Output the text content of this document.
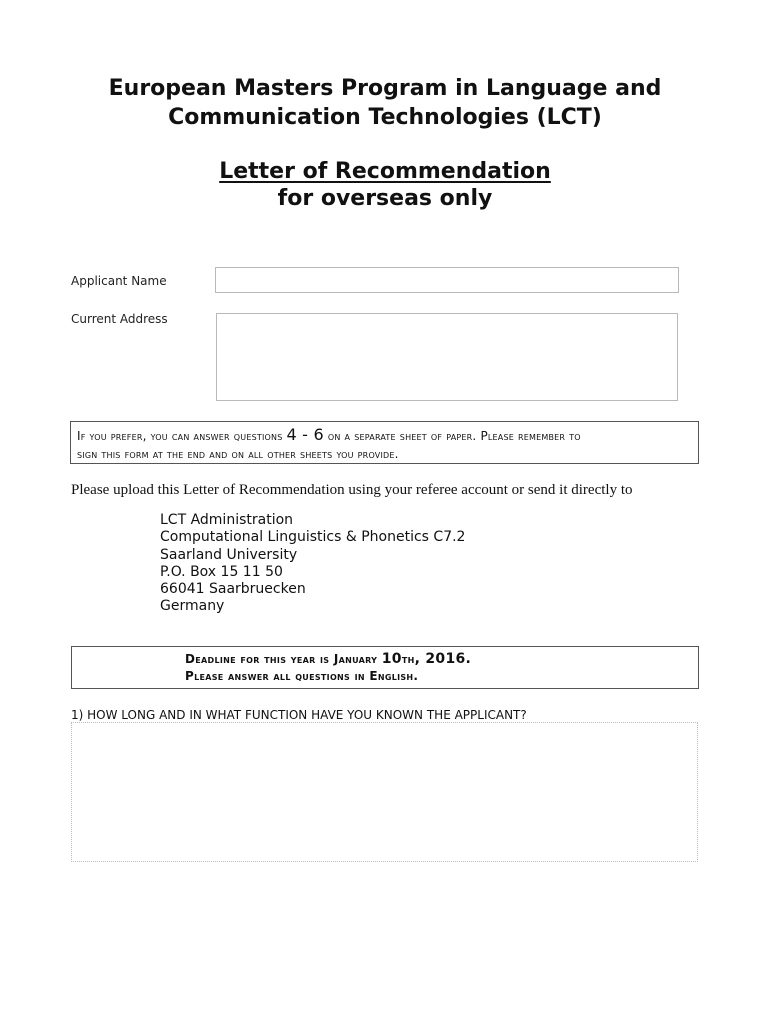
European Masters Program in Language and
Communication Technologies (LCT)
Letter of Recommendation
for overseas only
Applicant Name
Current Address
If you prefer, you can answer questions 4 - 6 on a separate sheet of paper. Please remember to
sign this form at the end and on all other sheets you provide.
Please upload this Letter of Recommendation using your referee account or send it directly to
LCT Administration
Computational Linguistics & Phonetics C7.2
Saarland University
P.O. Box 15 11 50
66041 Saarbruecken
Germany
Deadline for this year is January 10th, 2016.
Please answer all questions in English.
1) HOW LONG AND IN WHAT FUNCTION HAVE YOU KNOWN THE APPLICANT?
